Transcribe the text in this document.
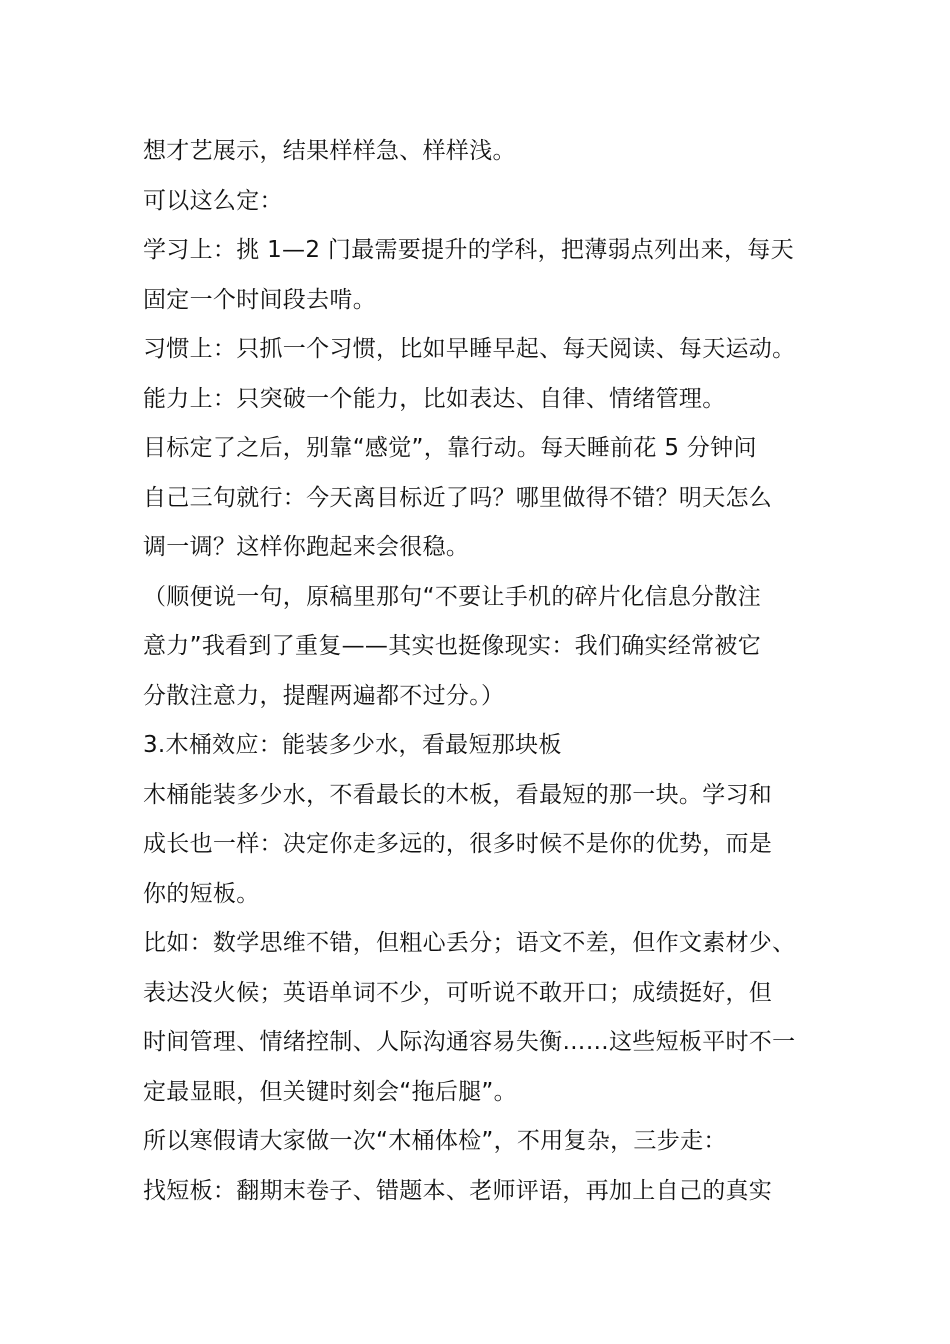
想才艺展示，结果样样急、样样浅。
可以这么定：
学习上：挑 1—2 门最需要提升的学科，把薄弱点列出来，每天
固定一个时间段去啃。
习惯上：只抓一个习惯，比如早睡早起、每天阅读、每天运动。
能力上：只突破一个能力，比如表达、自律、情绪管理。
目标定了之后，别靠“感觉”，靠行动。每天睡前花 5 分钟问
自己三句就行：今天离目标近了吗？哪里做得不错？明天怎么
调一调？这样你跑起来会很稳。
（顺便说一句，原稿里那句“不要让手机的碎片化信息分散注
意力”我看到了重复——其实也挺像现实：我们确实经常被它
分散注意力，提醒两遍都不过分。）
3.木桶效应：能装多少水，看最短那块板
木桶能装多少水，不看最长的木板，看最短的那一块。学习和
成长也一样：决定你走多远的，很多时候不是你的优势，而是
你的短板。
比如：数学思维不错，但粗心丢分；语文不差，但作文素材少、
表达没火候；英语单词不少，可听说不敢开口；成绩挺好，但
时间管理、情绪控制、人际沟通容易失衡……这些短板平时不一
定最显眼，但关键时刻会“拖后腿”。
所以寒假请大家做一次“木桶体检”，不用复杂，三步走：
找短板：翻期末卷子、错题本、老师评语，再加上自己的真实
